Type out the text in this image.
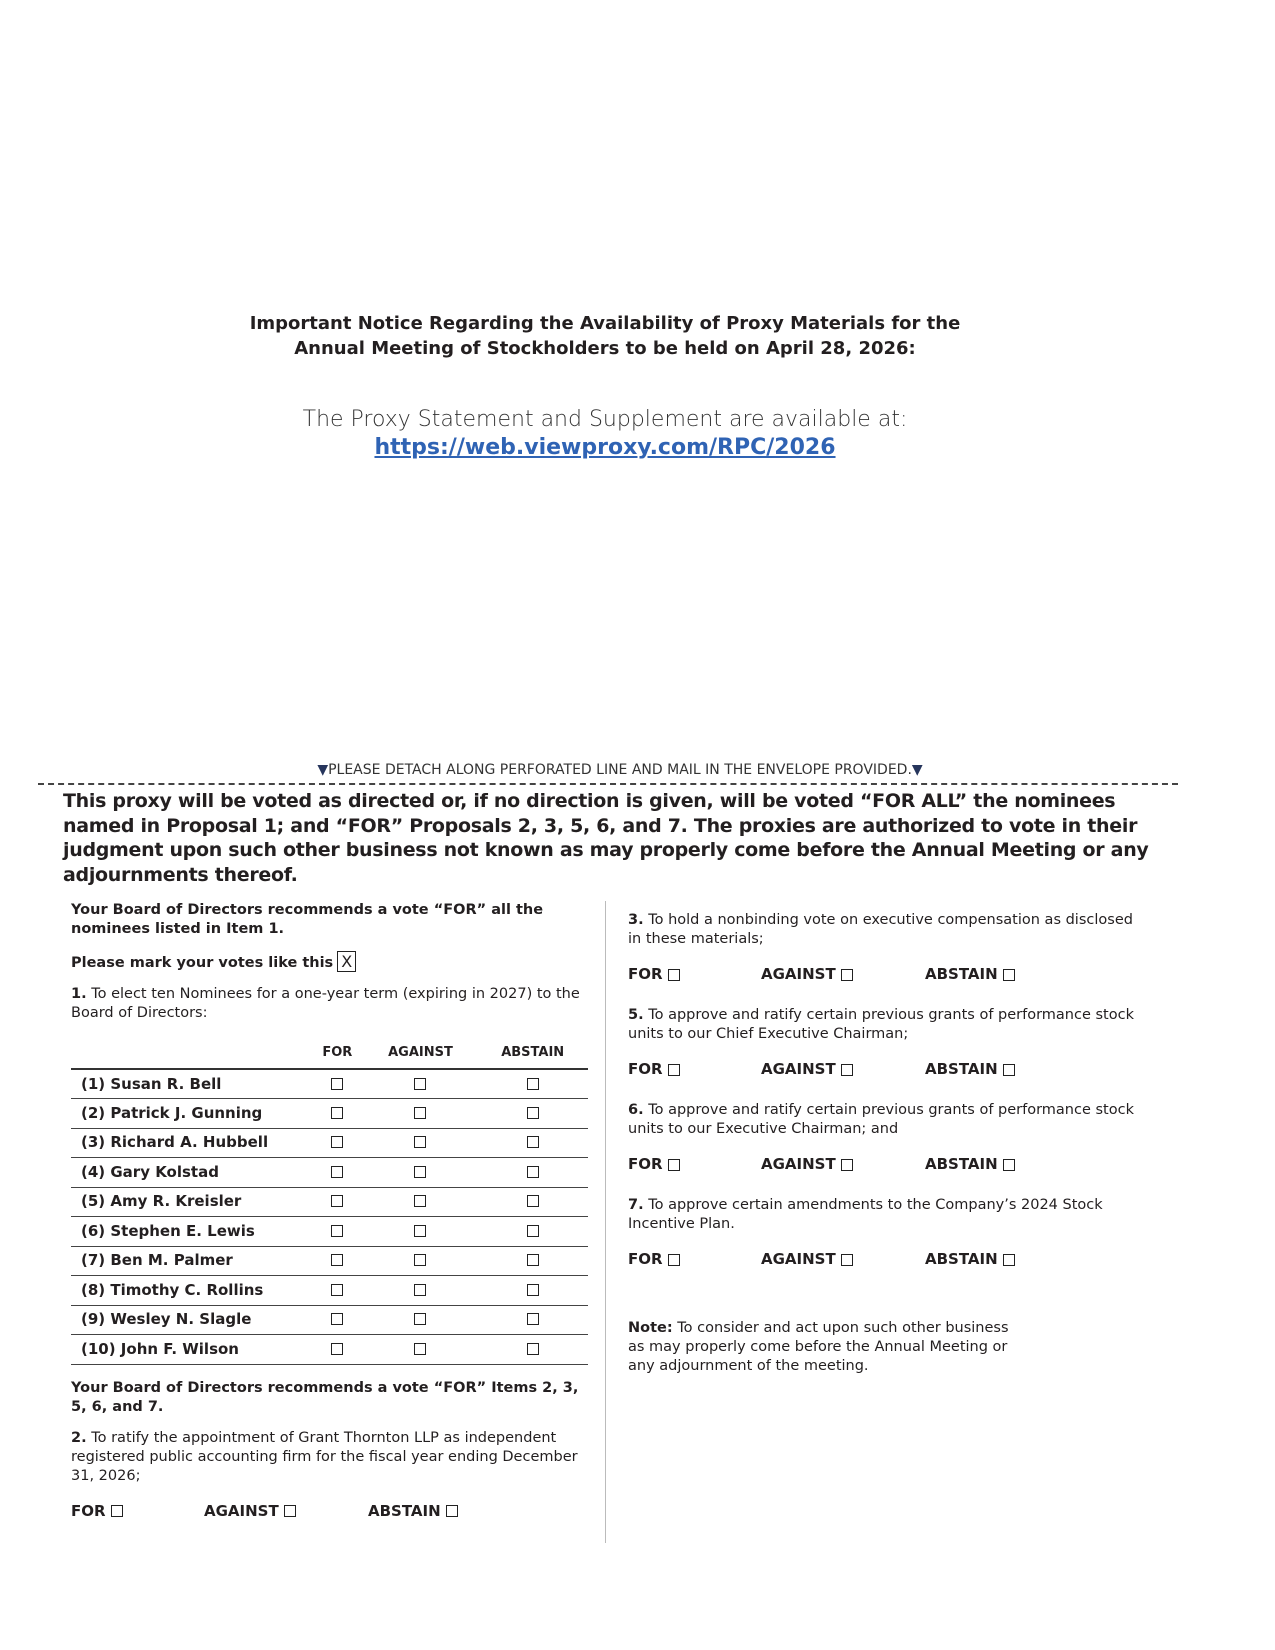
Important Notice Regarding the Availability of Proxy Materials for the
Annual Meeting of Stockholders to be held on April 28, 2026:
The Proxy Statement and Supplement are available at:
https://web.viewproxy.com/RPC/2026
▼PLEASE DETACH ALONG PERFORATED LINE AND MAIL IN THE ENVELOPE PROVIDED.▼
This proxy will be voted as directed or, if no direction is given, will be voted “FOR ALL” the nominees named in Proposal 1; and “FOR” Proposals 2, 3, 5, 6, and 7. The proxies are authorized to vote in their judgment upon such other business not known as may properly come before the Annual Meeting or any adjournments thereof.

Your Board of Directors recommends a vote “FOR” all the nominees listed in Item 1.

Please mark your votes like this X

1. To elect ten Nominees for a one-year term (expiring in 2027) to the Board of Directors:
	FOR	AGAINST	ABSTAIN
(1) Susan R. Bell			
(2) Patrick J. Gunning			
(3) Richard A. Hubbell			
(4) Gary Kolstad			
(5) Amy R. Kreisler			
(6) Stephen E. Lewis			
(7) Ben M. Palmer			
(8) Timothy C. Rollins			
(9) Wesley N. Slagle			
(10) John F. Wilson			

Your Board of Directors recommends a vote “FOR” Items 2, 3, 5, 6, and 7.

2. To ratify the appointment of Grant Thornton LLP as independent registered public accounting firm for the fiscal year ending December 31, 2026;
FOR	AGAINST	ABSTAIN
3. To hold a nonbinding vote on executive compensation as disclosed in these materials;
FOR	AGAINST	ABSTAIN
5. To approve and ratify certain previous grants of performance stock units to our Chief Executive Chairman;
FOR	AGAINST	ABSTAIN
6. To approve and ratify certain previous grants of performance stock units to our Executive Chairman; and
FOR	AGAINST	ABSTAIN
7. To approve certain amendments to the Company’s 2024 Stock Incentive Plan.
FOR	AGAINST	ABSTAIN
Note: To consider and act upon such other business as may properly come before the Annual Meeting or any adjournment of the meeting.
